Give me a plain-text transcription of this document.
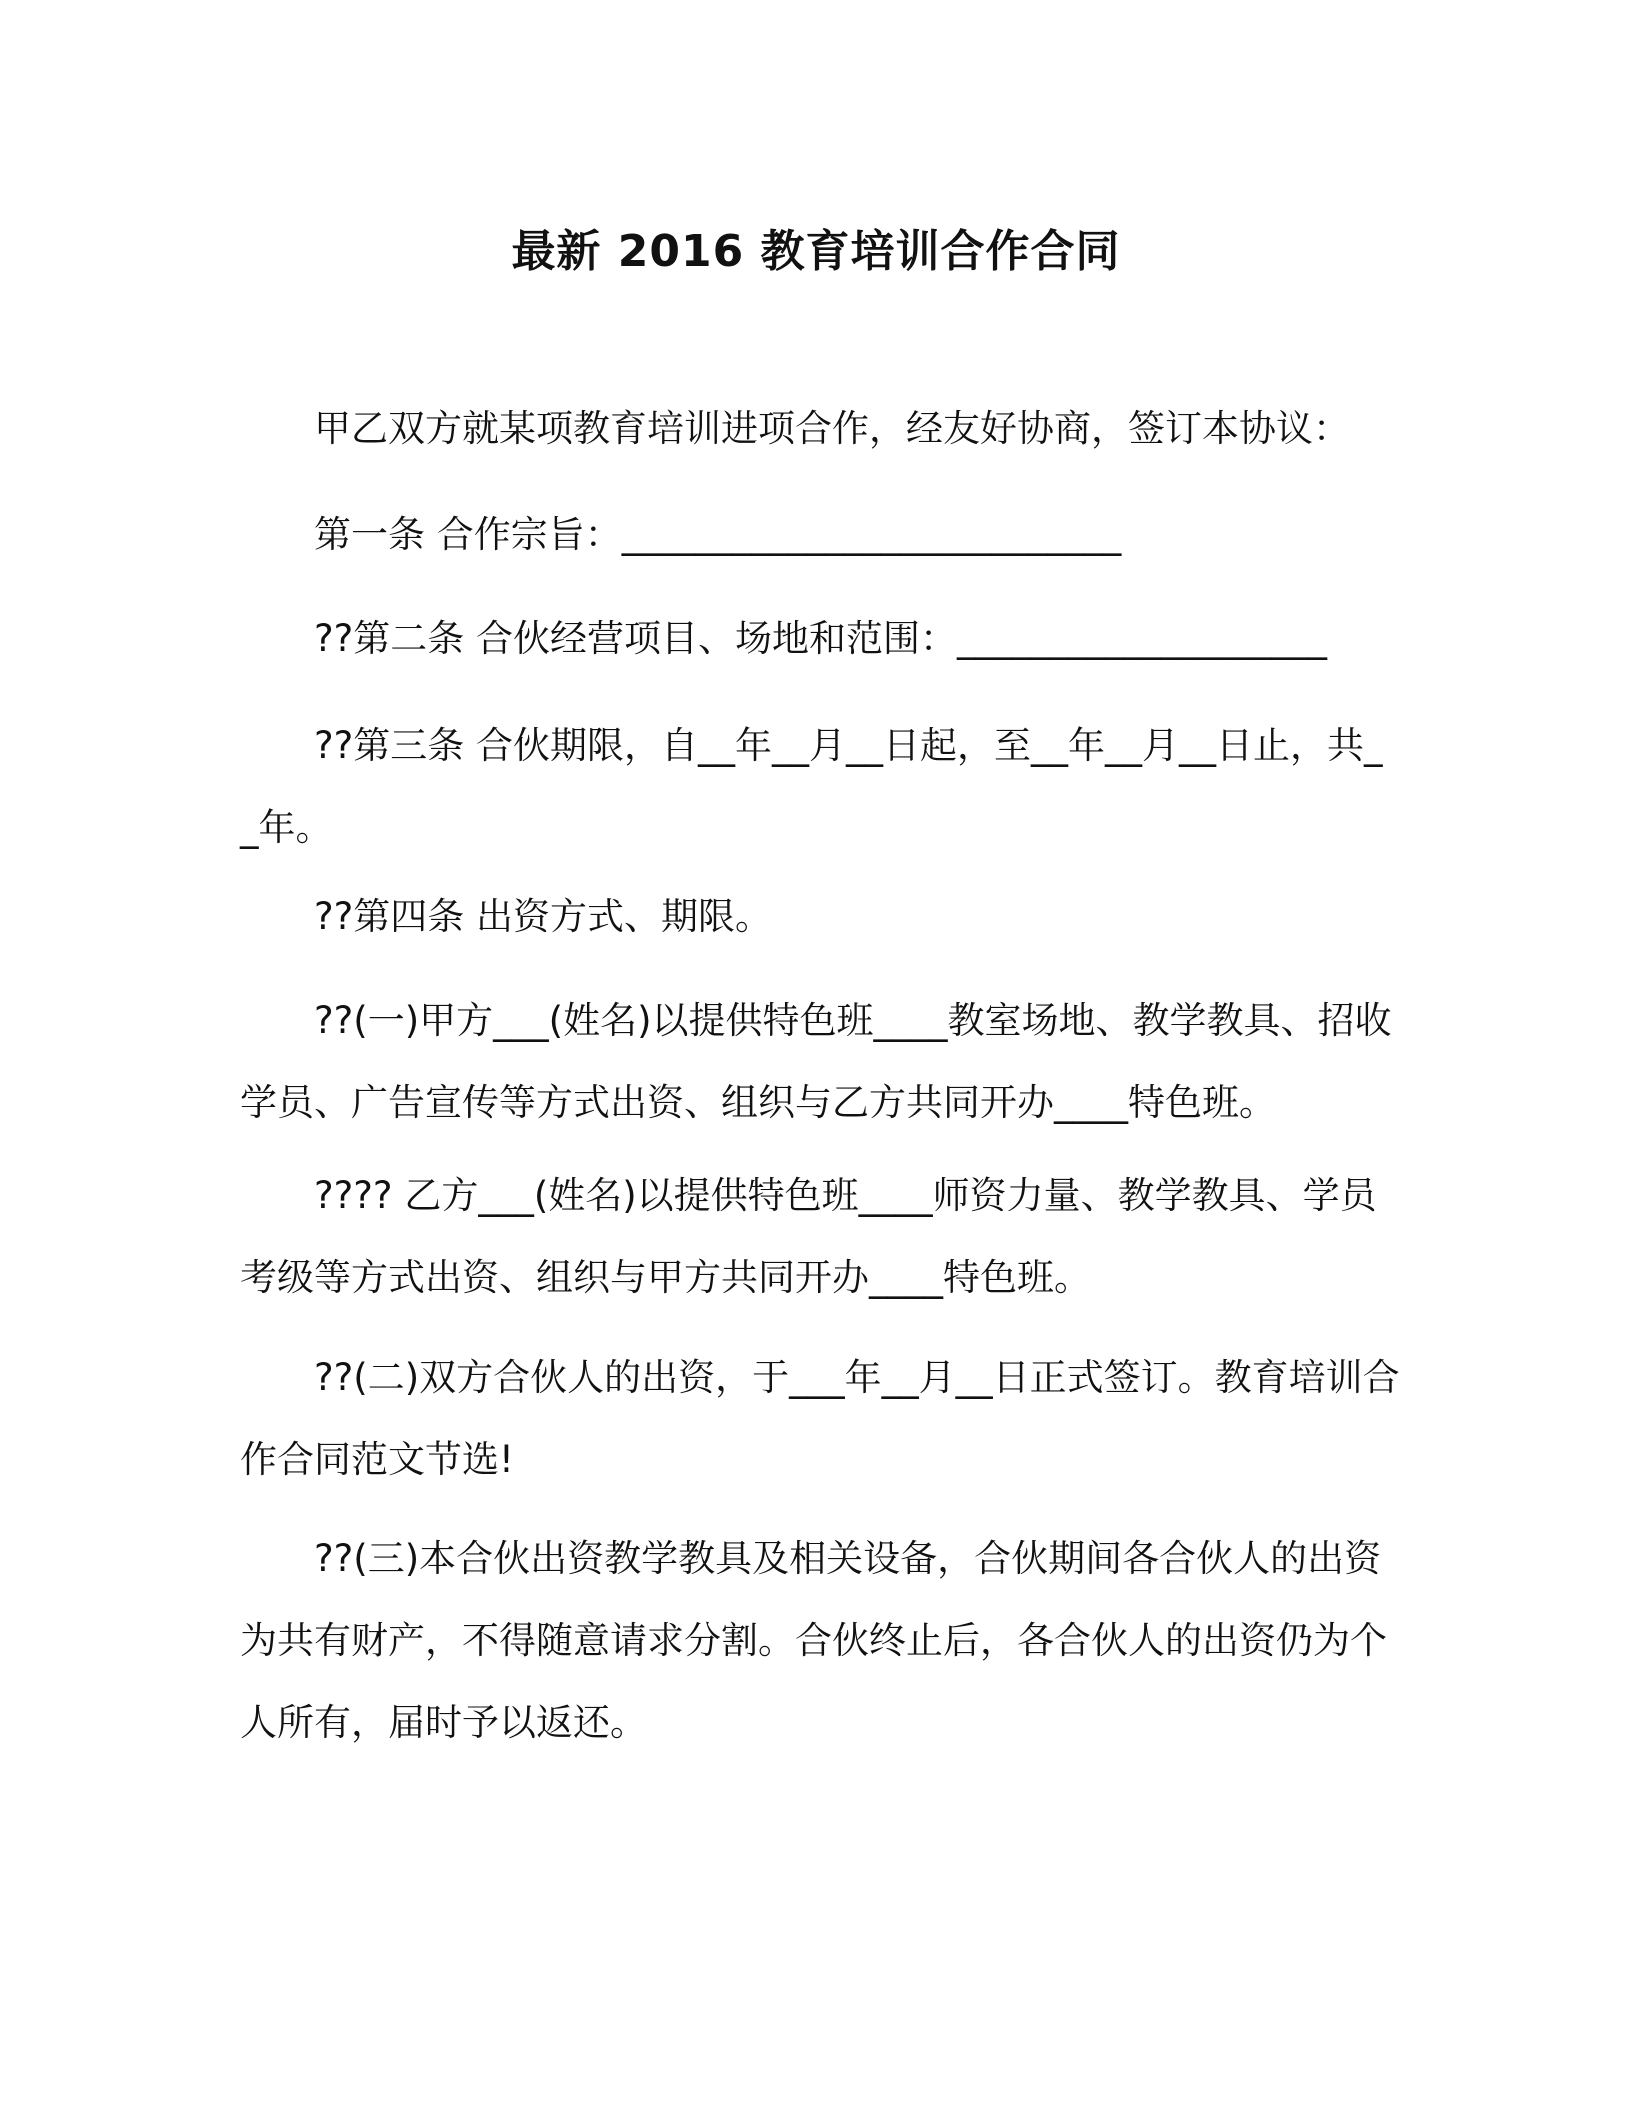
最新 2016 教育培训合作合同

甲乙双方就某项教育培训进项合作，经友好协商，签订本协议：

第一条 合作宗旨：___________________________

??第二条 合伙经营项目、场地和范围：____________________

??第三条 合伙期限，自__年__月__日起，至__年__月__日止，共__年。

??第四条 出资方式、期限。

??(一)甲方___(姓名)以提供特色班____教室场地、教学教具、招收学员、广告宣传等方式出资、组织与乙方共同开办____特色班。

???? 乙方___(姓名)以提供特色班____师资力量、教学教具、学员考级等方式出资、组织与甲方共同开办____特色班。

??(二)双方合伙人的出资，于___年__月__日正式签订。教育培训合作合同范文节选!

??(三)本合伙出资教学教具及相关设备，合伙期间各合伙人的出资为共有财产，不得随意请求分割。合伙终止后，各合伙人的出资仍为个人所有，届时予以返还。
